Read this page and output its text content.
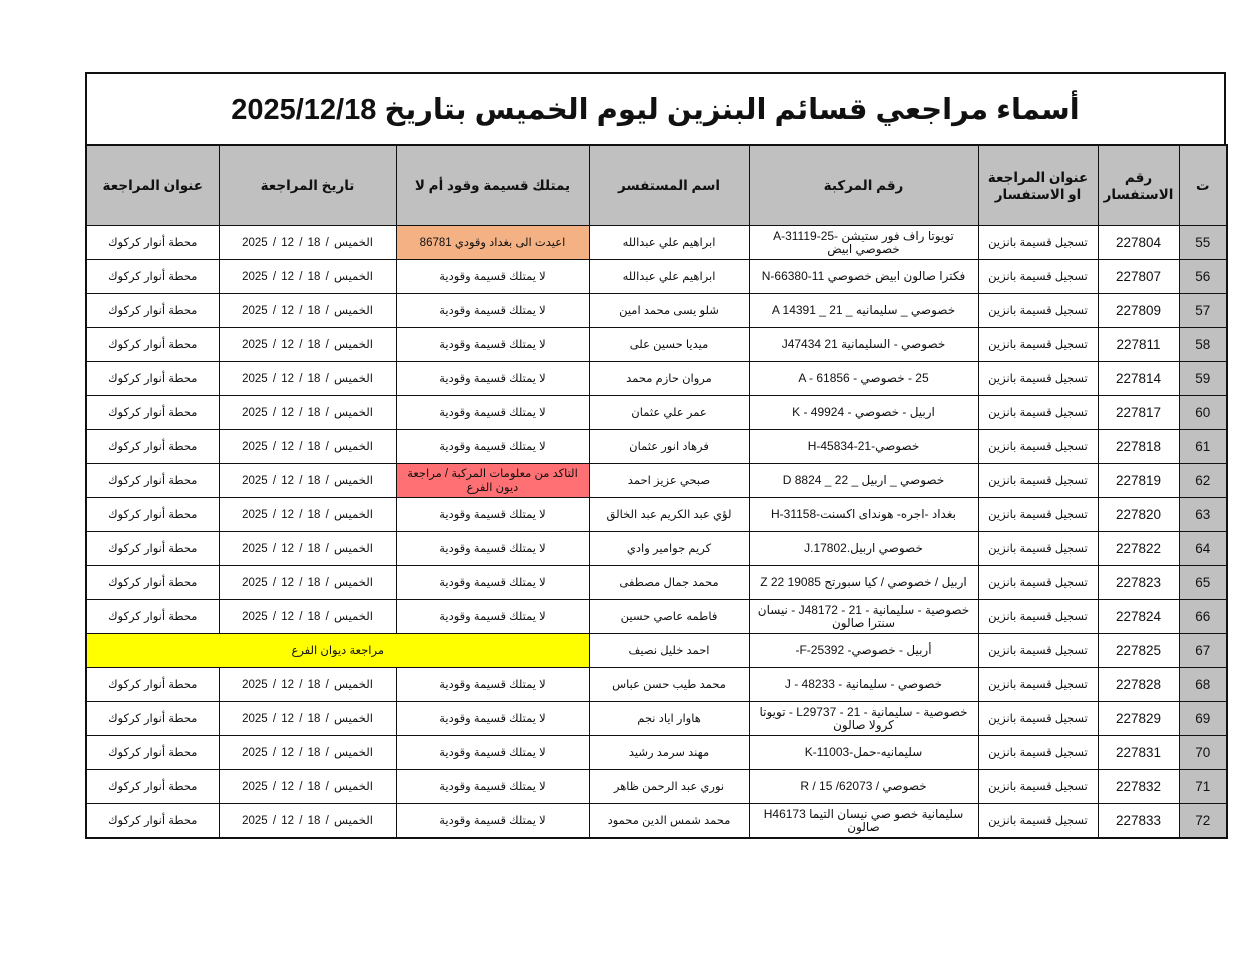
أسماء مراجعي قسائم البنزين ليوم الخميس بتاريخ 2025/12/18
ت	رقم الاستفسار	عنوان المراجعة او الاستفسار	رقم المركبة	اسم المستفسر	يمتلك قسيمة وقود أم لا	تاريخ المراجعة	عنوان المراجعة
55	227804	تسجيل قسيمة بانزين	تويوتا راف فور ستيشن -25-A-31119 خصوصي ابيض	ابراهيم علي عبدالله	اعيدت الى بغداد وقودي 86781	الخميس / 18 / 12 / 2025	محطة أنوار كركوك
56	227807	تسجيل قسيمة بانزين	فكترا صالون ابيض خصوصي 11-N-66380	ابراهيم علي عبدالله	لا يمتلك قسيمة وقودية	الخميس / 18 / 12 / 2025	محطة أنوار كركوك
57	227809	تسجيل قسيمة بانزين	خصوصي _ سليمانيه _ 21 _ A 14391	شلو يسى محمد امين	لا يمتلك قسيمة وقودية	الخميس / 18 / 12 / 2025	محطة أنوار كركوك
58	227811	تسجيل قسيمة بانزين	خصوصي - السليمانية 21 J47434	ميديا حسين على	لا يمتلك قسيمة وقودية	الخميس / 18 / 12 / 2025	محطة أنوار كركوك
59	227814	تسجيل قسيمة بانزين	25 - خصوصي - A - 61856	مروان حازم محمد	لا يمتلك قسيمة وقودية	الخميس / 18 / 12 / 2025	محطة أنوار كركوك
60	227817	تسجيل قسيمة بانزين	اربيل - خصوصي - 49924 - K	عمر علي عثمان	لا يمتلك قسيمة وقودية	الخميس / 18 / 12 / 2025	محطة أنوار كركوك
61	227818	تسجيل قسيمة بانزين	خصوصي-21-H-45834	فرهاد انور عثمان	لا يمتلك قسيمة وقودية	الخميس / 18 / 12 / 2025	محطة أنوار كركوك
62	227819	تسجيل قسيمة بانزين	خصوصي _ اربيل _ 22 _ D 8824	صبحي عزيز احمد	التاكد من معلومات المركبة / مراجعة ديون الفرع	الخميس / 18 / 12 / 2025	محطة أنوار كركوك
63	227820	تسجيل قسيمة بانزين	بغداد -اجره- هونداى اكسنت-H-31158	لؤي عبد الكريم عبد الخالق	لا يمتلك قسيمة وقودية	الخميس / 18 / 12 / 2025	محطة أنوار كركوك
64	227822	تسجيل قسيمة بانزين	خصوصي اربيل.J.17802	كريم جوامير وادي	لا يمتلك قسيمة وقودية	الخميس / 18 / 12 / 2025	محطة أنوار كركوك
65	227823	تسجيل قسيمة بانزين	اربيل / خصوصي / كيا سبورتج 19085 Z 22	محمد جمال مصطفى	لا يمتلك قسيمة وقودية	الخميس / 18 / 12 / 2025	محطة أنوار كركوك
66	227824	تسجيل قسيمة بانزين	خصوصية - سليمانية - 21 - J48172 - نيسان سنترا صالون	فاطمه عاصي حسين	لا يمتلك قسيمة وقودية	الخميس / 18 / 12 / 2025	محطة أنوار كركوك
67	227825	تسجيل قسيمة بانزين	أربيل - خصوصي- F-25392-	احمد خليل نصيف	مراجعة ديوان الفرع		
68	227828	تسجيل قسيمة بانزين	خصوصي - سليمانية - 48233 - J	محمد طيب حسن عباس	لا يمتلك قسيمة وقودية	الخميس / 18 / 12 / 2025	محطة أنوار كركوك
69	227829	تسجيل قسيمة بانزين	خصوصية - سليمانية - 21 - L29737 - تويوتا كرولا صالون	هاوار اياد نجم	لا يمتلك قسيمة وقودية	الخميس / 18 / 12 / 2025	محطة أنوار كركوك
70	227831	تسجيل قسيمة بانزين	سليمانيه-حمل-K-11003	مهند سرمد رشيد	لا يمتلك قسيمة وقودية	الخميس / 18 / 12 / 2025	محطة أنوار كركوك
71	227832	تسجيل قسيمة بانزين	خصوصي / 62073/ R / 15	نوري عبد الرحمن ظاهر	لا يمتلك قسيمة وقودية	الخميس / 18 / 12 / 2025	محطة أنوار كركوك
72	227833	تسجيل قسيمة بانزين	سليمانية خصو صي نيسان التيما H46173 صالون	محمد شمس الدين محمود	لا يمتلك قسيمة وقودية	الخميس / 18 / 12 / 2025	محطة أنوار كركوك
